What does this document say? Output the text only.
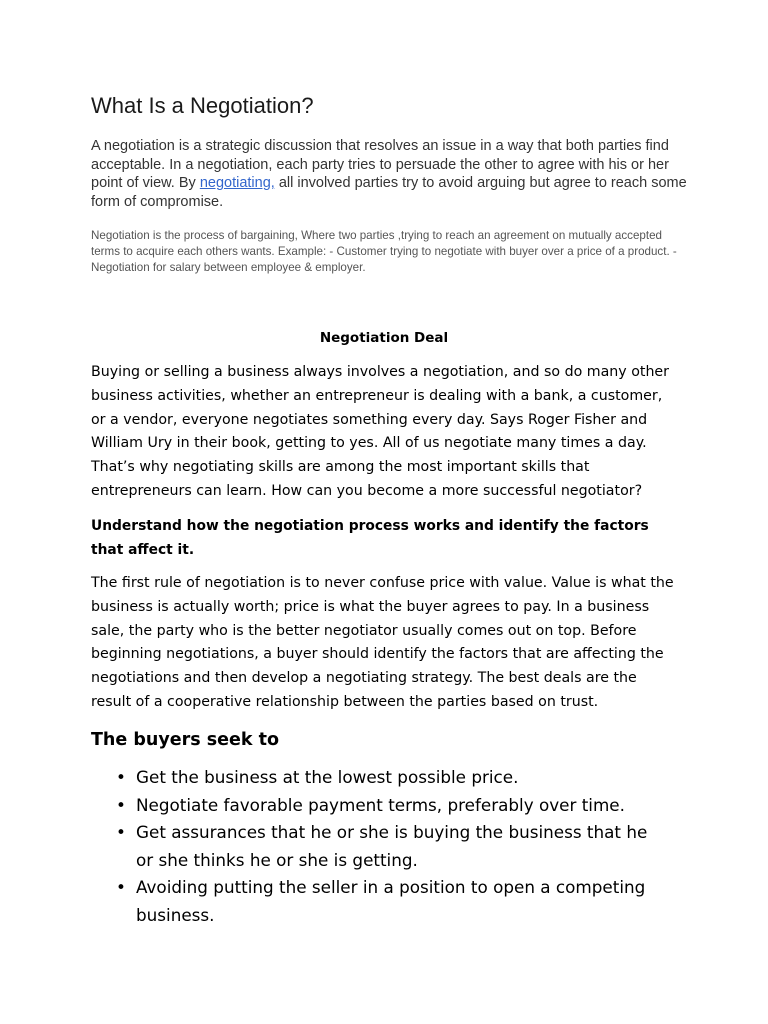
What Is a Negotiation?

A negotiation is a strategic discussion that resolves an issue in a way that both parties find acceptable. In a negotiation, each party tries to persuade the other to agree with his or her point of view. By negotiating, all involved parties try to avoid arguing but agree to reach some form of compromise.

Negotiation is the process of bargaining, Where two parties ,trying to reach an agreement on mutually accepted terms to acquire each others wants. Example: - Customer trying to negotiate with buyer over a price of a product. - Negotiation for salary between employee & employer.

Negotiation Deal

Buying or selling a business always involves a negotiation, and so do many other business activities, whether an entrepreneur is dealing with a bank, a customer, or a vendor, everyone negotiates something every day. Says Roger Fisher and William Ury in their book, getting to yes. All of us negotiate many times a day. That’s why negotiating skills are among the most important skills that entrepreneurs can learn. How can you become a more successful negotiator?

Understand how the negotiation process works and identify the factors that affect it.

The first rule of negotiation is to never confuse price with value. Value is what the business is actually worth; price is what the buyer agrees to pay. In a business sale, the party who is the better negotiator usually comes out on top. Before beginning negotiations, a buyer should identify the factors that are affecting the negotiations and then develop a negotiating strategy. The best deals are the result of a cooperative relationship between the parties based on trust.

The buyers seek to
• Get the business at the lowest possible price.
• Negotiate favorable payment terms, preferably over time.
• Get assurances that he or she is buying the business that he or she thinks he or she is getting.
• Avoiding putting the seller in a position to open a competing business.
